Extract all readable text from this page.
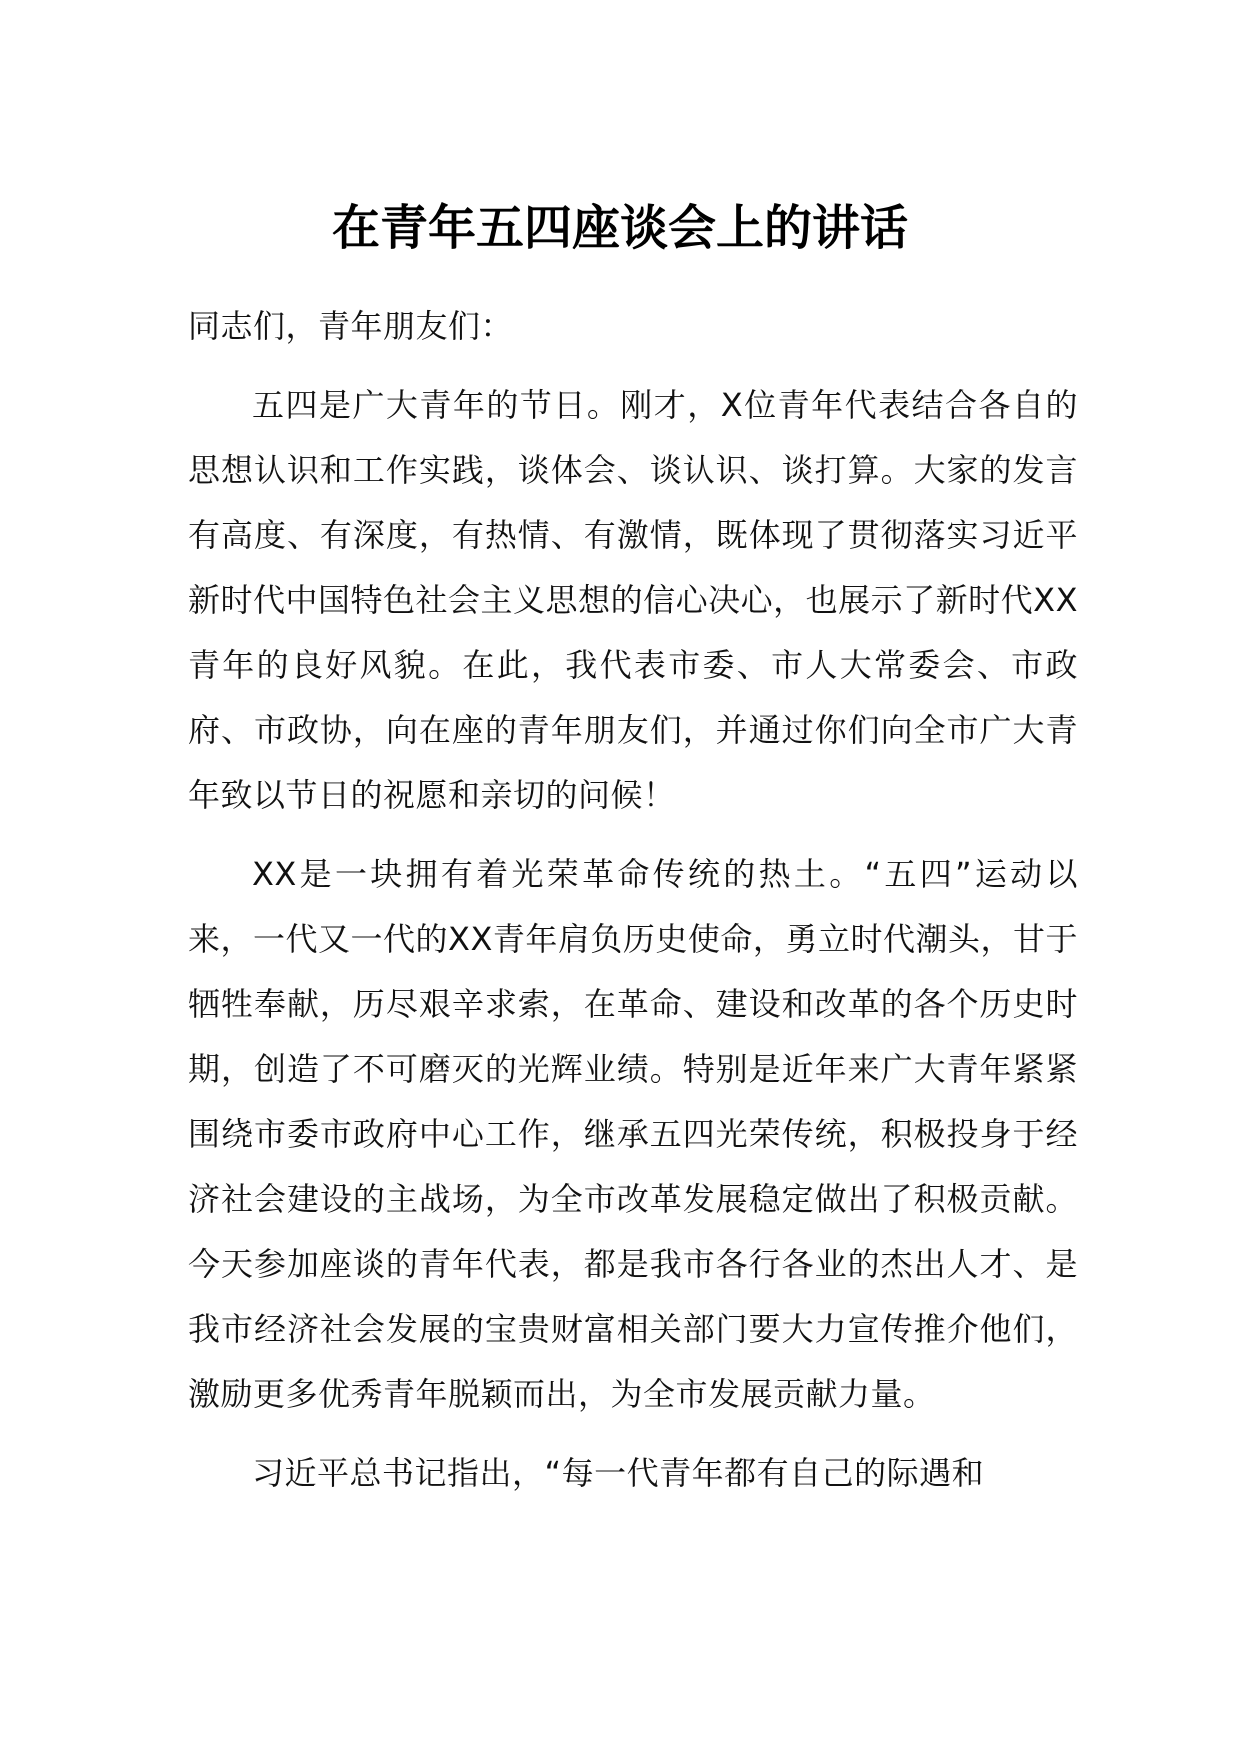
在青年五四座谈会上的讲话

同志们，青年朋友们：

五四是广大青年的节日。刚才，X位青年代表结合各自的思想认识和工作实践，谈体会、谈认识、谈打算。大家的发言有高度、有深度，有热情、有激情，既体现了贯彻落实习近平新时代中国特色社会主义思想的信心决心，也展示了新时代XX青年的良好风貌。在此，我代表市委、市人大常委会、市政府、市政协，向在座的青年朋友们，并通过你们向全市广大青年致以节日的祝愿和亲切的问候！

XX是一块拥有着光荣革命传统的热土。“五四”运动以来，一代又一代的XX青年肩负历史使命，勇立时代潮头，甘于牺牲奉献，历尽艰辛求索，在革命、建设和改革的各个历史时期，创造了不可磨灭的光辉业绩。特别是近年来广大青年紧紧围绕市委市政府中心工作，继承五四光荣传统，积极投身于经济社会建设的主战场，为全市改革发展稳定做出了积极贡献。今天参加座谈的青年代表，都是我市各行各业的杰出人才、是我市经济社会发展的宝贵财富相关部门要大力宣传推介他们，激励更多优秀青年脱颖而出，为全市发展贡献力量。

习近平总书记指出，“每一代青年都有自己的际遇和
